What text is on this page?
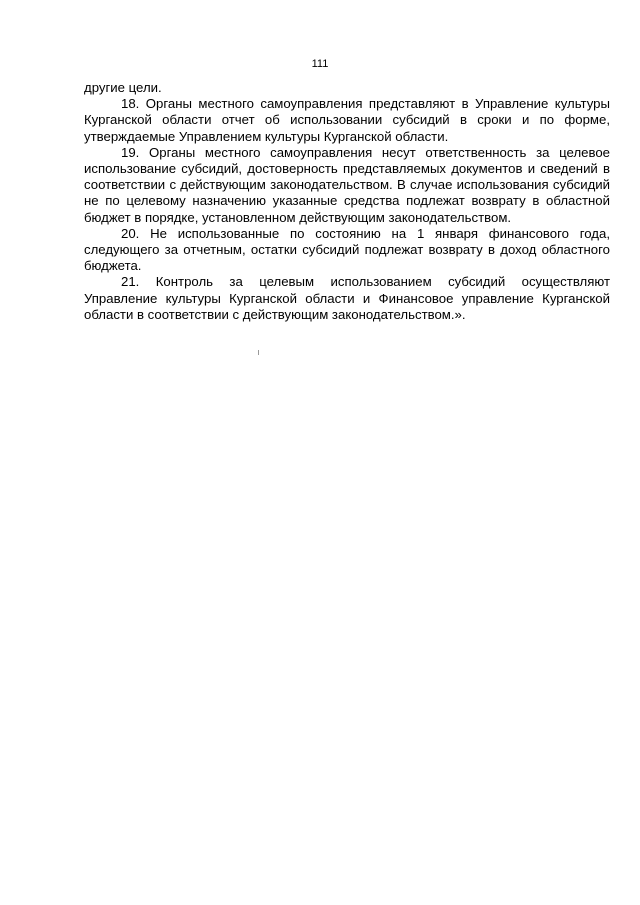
111

другие цели.

18. Органы местного самоуправления представляют в Управление культуры Курганской области отчет об использовании субсидий в сроки и по форме, утверждаемые Управлением культуры Курганской области.

19. Органы местного самоуправления несут ответственность за целевое использование субсидий, достоверность представляемых документов и сведений в соответствии с действующим законодательством. В случае использования субсидий не по целевому назначению указанные средства подлежат возврату в областной бюджет в порядке, установленном действующим законодательством.

20. Не использованные по состоянию на 1 января финансового года, следующего за отчетным, остатки субсидий подлежат возврату в доход областного бюджета.

21. Контроль за целевым использованием субсидий осуществляют Управление культуры Курганской области и Финансовое управление Курганской области в соответствии с действующим законодательством.».
